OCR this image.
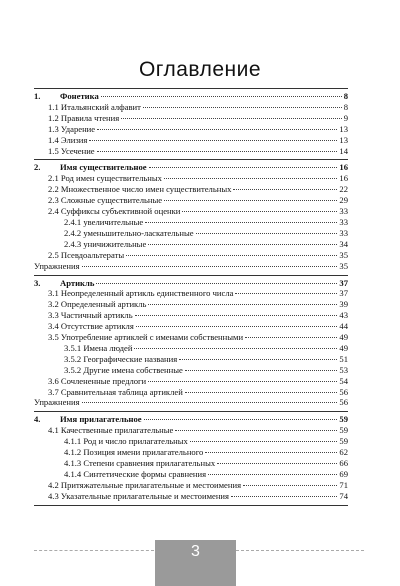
Оглавление
1.	Фонетика	8
1.1 Итальянский алфавит	8
1.2 Правила чтения	9
1.3 Ударение	13
1.4 Элизия	13
1.5 Усечение	14
2.	Имя существительное	16
2.1 Род имен существительных	16
2.2 Множественное число имен существительных	22
2.3 Сложные существительные	29
2.4 Суффиксы субъективной оценки	33
2.4.1 увеличительные	33
2.4.2 уменьшительно-ласкательные	33
2.4.3 уничижительные	34
2.5 Псевдоальтераты	35
Упражнения	35
3.	Артикль	37
3.1 Неопределенный артикль единственного числа	37
3.2 Определенный артикль	39
3.3 Частичный артикль	43
3.4 Отсутствие артикля	44
3.5 Употребление артиклей с именами собственными	49
3.5.1 Имена людей	49
3.5.2 Географические названия	51
3.5.2 Другие имена собственные	53
3.6 Сочлененные предлоги	54
3.7 Сравнительная таблица артиклей	56
Упражнения	56
4.	Имя прилагательное	59
4.1 Качественные прилагательные	59
4.1.1 Род и число прилагательных	59
4.1.2 Позиция имени прилагательного	62
4.1.3 Степени сравнения прилагательных	66
4.1.4 Синтетические формы сравнения	69
4.2 Притяжательные прилагательные и местоимения	71
4.3 Указательные прилагательные и местоимения	74
3
